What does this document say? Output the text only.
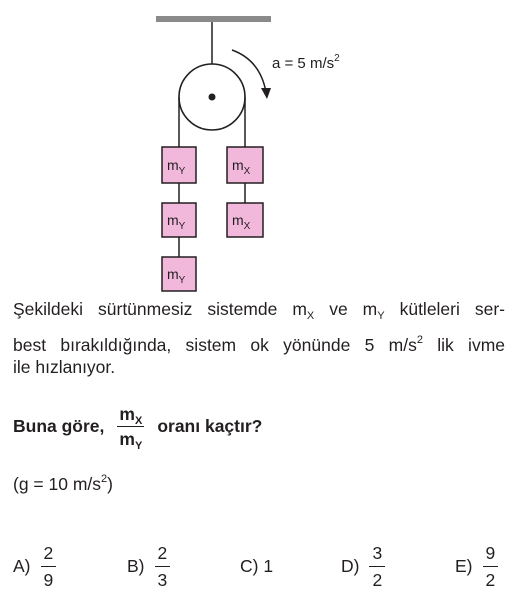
a = 5 $m/s^2$
$m_Y$
$m_Y$
$m_Y$
$m_X$
$m_X$

Şekildeki sürtünmesiz sistemde $m_X$ ve $m_Y$ kütleleri ser-

best bırakıldığında, sistem ok yönünde 5 $m/s^2$ lik ivme
ile hızlanıyor.

Buna göre, $\frac{m_X}{m_Y}$ oranı kaçtır?
(g = 10 $m/s^2$)
$A) \frac{2}{9}$	$B) \frac{2}{3}$	C) 1	$D) \frac{3}{2}$	$E) \frac{9}{2}$
